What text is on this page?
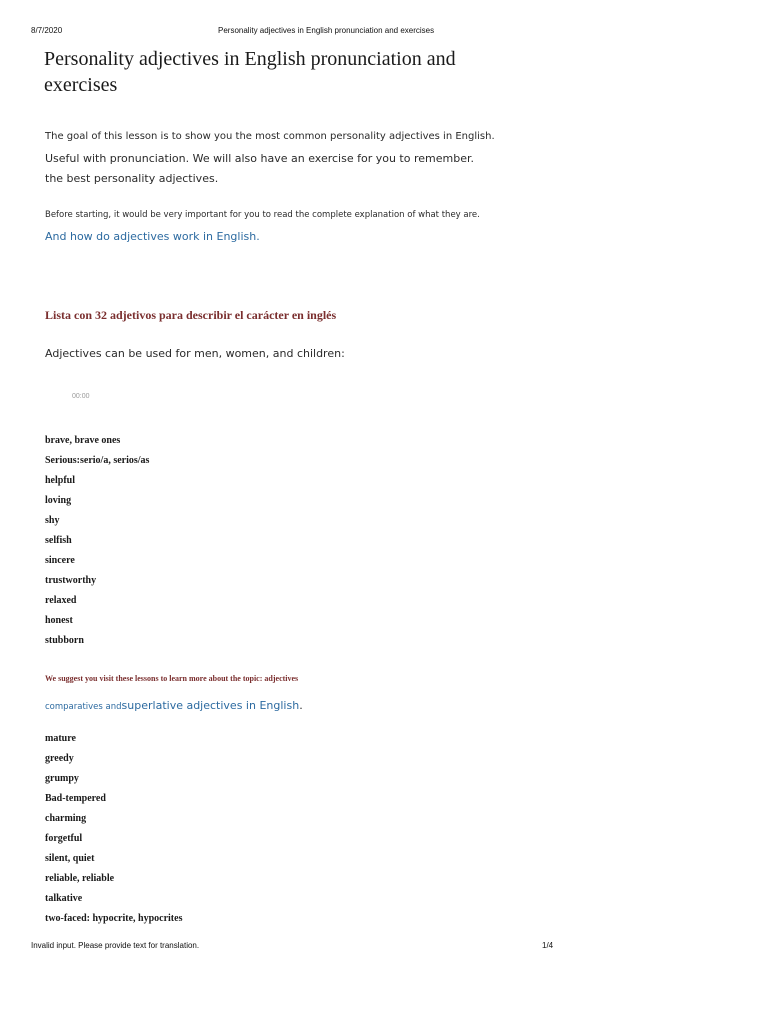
8/7/2020	Personality adjectives in English pronunciation and exercises
Personality adjectives in English pronunciation and exercises

The goal of this lesson is to show you the most common personality adjectives in English.

Useful with pronunciation. We will also have an exercise for you to remember.

the best personality adjectives.

Before starting, it would be very important for you to read the complete explanation of what they are.

And how do adjectives work in English.

Lista con 32 adjetivos para describir el carácter en inglés

Adjectives can be used for men, women, and children:

00:00
brave, brave ones
Serious:serio/a, serios/as
helpful
loving
shy
selfish
sincere
trustworthy
relaxed
honest
stubborn

We suggest you visit these lessons to learn more about the topic: adjectives

comparatives andsuperlative adjectives in English.

mature
greedy
grumpy
Bad-tempered
charming
forgetful
silent, quiet
reliable, reliable
talkative
two-faced: hypocrite, hypocrites
Invalid input. Please provide text for translation.	1/4
